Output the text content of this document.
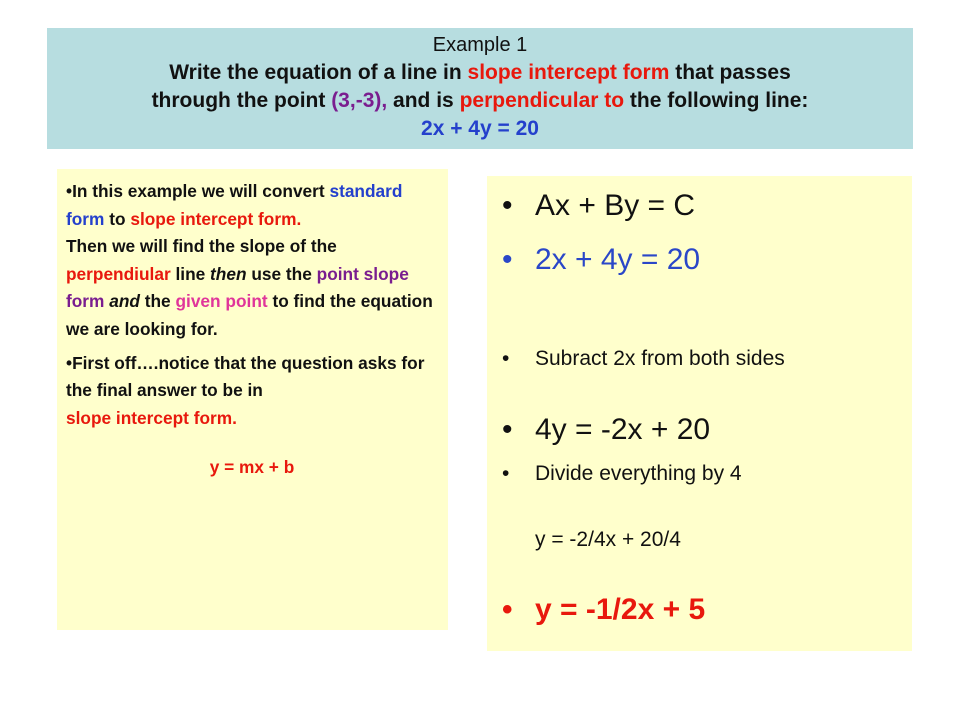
Example 1
Write the equation of a line in slope intercept form that passes
through the point (3,-3), and is perpendicular to the following line:
2x + 4y = 20

•In this example we will convert standard form to slope intercept form.
Then we will find the slope of the perpendiular line then use the point slope form and the given point to find the equation we are looking for.

•First off….notice that the question asks for the final answer to be in
slope intercept form.

y = mx + b

• Ax + By = C
• 2x + 4y = 20
• Subract 2x from both sides
• 4y = -2x + 20
• Divide everything by 4
y = -2/4x + 20/4
• y = -1/2x + 5
